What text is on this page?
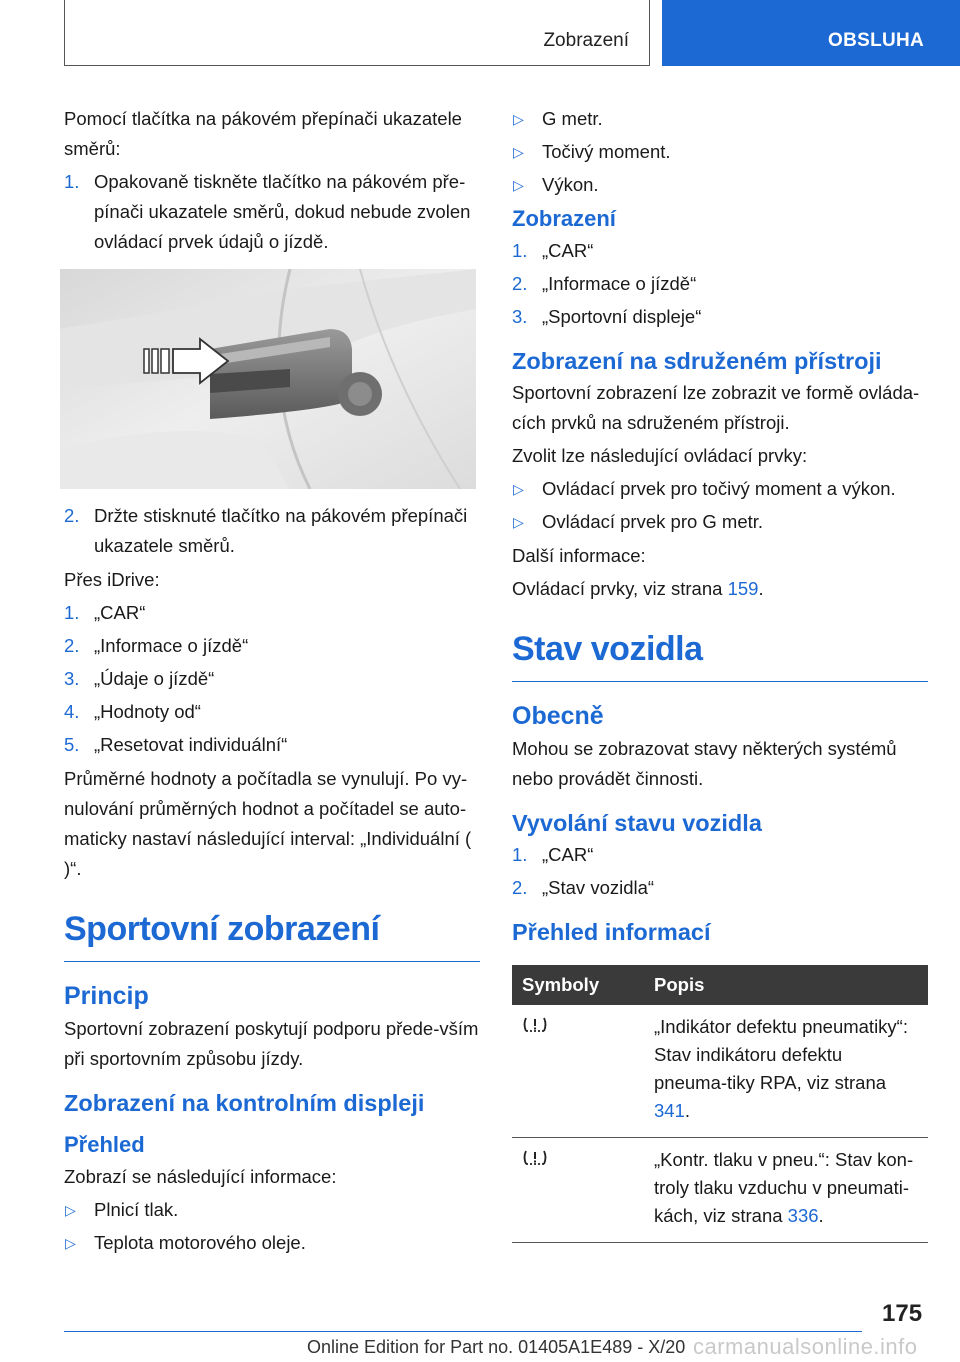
Zobrazení	OBSLUHA

Pomocí tlačítka na pákovém přepínači ukazatele směrů:

1. Opakovaně tiskněte tlačítko na pákovém pře‐pínači ukazatele směrů, dokud nebude zvolen ovládací prvek údajů o jízdě.
2. Držte stisknuté tlačítko na pákovém přepínači ukazatele směrů.

Přes iDrive:

1. „CAR“
2. „Informace o jízdě“
3. „Údaje o jízdě“
4. „Hodnoty od“
5. „Resetovat individuální“

Průměrné hodnoty a počítadla se vynulují. Po vy‐nulování průměrných hodnot a počítadel se auto‐maticky nastaví následující interval: „Individuální ( )“.

Sportovní zobrazení
Princip

Sportovní zobrazení poskytují podporu přede‐vším při sportovním způsobu jízdy.

Zobrazení na kontrolním displeji
Přehled

Zobrazí se následující informace:

▷ Plnicí tlak.
▷ Teplota motorového oleje.
▷ G metr.
▷ Točivý moment.
▷ Výkon.
Zobrazení
1. „CAR“
2. „Informace o jízdě“
3. „Sportovní displeje“
Zobrazení na sdruženém přístroji

Sportovní zobrazení lze zobrazit ve formě ovláda‐cích prvků na sdruženém přístroji.

Zvolit lze následující ovládací prvky:

▷ Ovládací prvek pro točivý moment a výkon.
▷ Ovládací prvek pro G metr.

Další informace:

Ovládací prvky, viz strana 159.

Stav vozidla
Obecně

Mohou se zobrazovat stavy některých systémů nebo provádět činnosti.

Vyvolání stavu vozidla
1. „CAR“
2. „Stav vozidla“
Přehled informací
Symboly	Popis
	„Indikátor defektu pneumatiky“: Stav indikátoru defektu pneuma‐tiky RPA, viz strana 341.
	„Kontr. tlaku v pneu.“: Stav kon‐troly tlaku vzduchu v pneumati‐kách, viz strana 336.
175
Online Edition for Part no. 01405A1E489 - X/20 carmanualsonline.info
